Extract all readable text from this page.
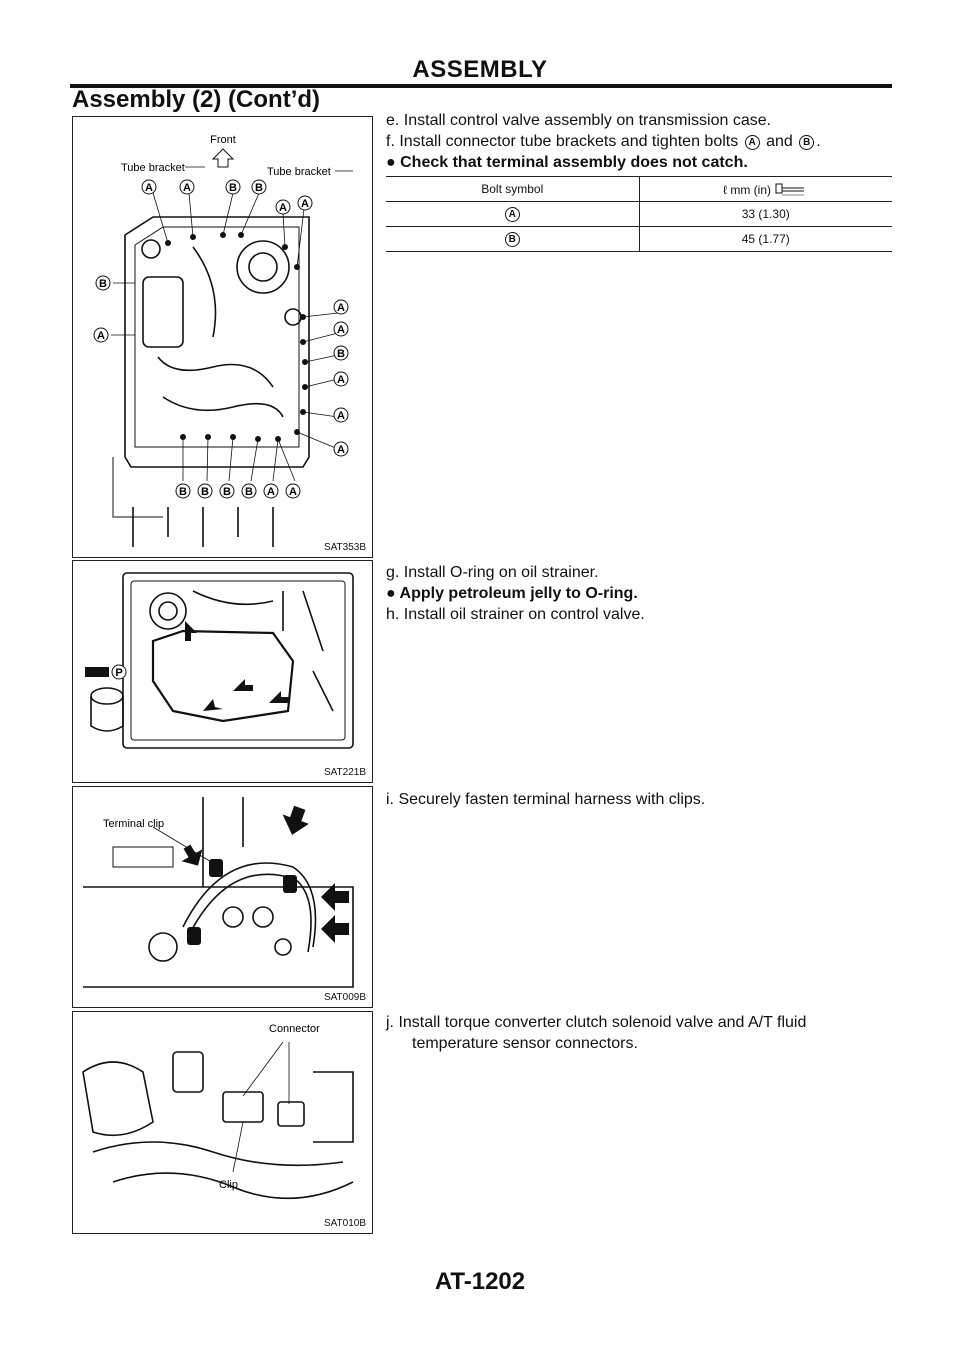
ASSEMBLY
Assembly (2) (Cont’d)
A	A	B B
A A
B
A
A
A
B
A
A
A
B B B B A A
Front
Tube bracket	Tube bracket
SAT353B
P
SAT221B
Terminal clip
SAT009B
Connector
Clip
SAT010B

e. Install control valve assembly on transmission case.

f. Install connector tube brackets and tighten bolts A and B .

● Check that terminal assembly does not catch.

Bolt symbol	ℓ mm (in)
A	33 (1.30)
B	45 (1.77)

g. Install O-ring on oil strainer.

● Apply petroleum jelly to O-ring.

h. Install oil strainer on control valve.

i. Securely fasten terminal harness with clips.

j. Install torque converter clutch solenoid valve and A/T fluid temperature sensor connectors.

AT-1202
